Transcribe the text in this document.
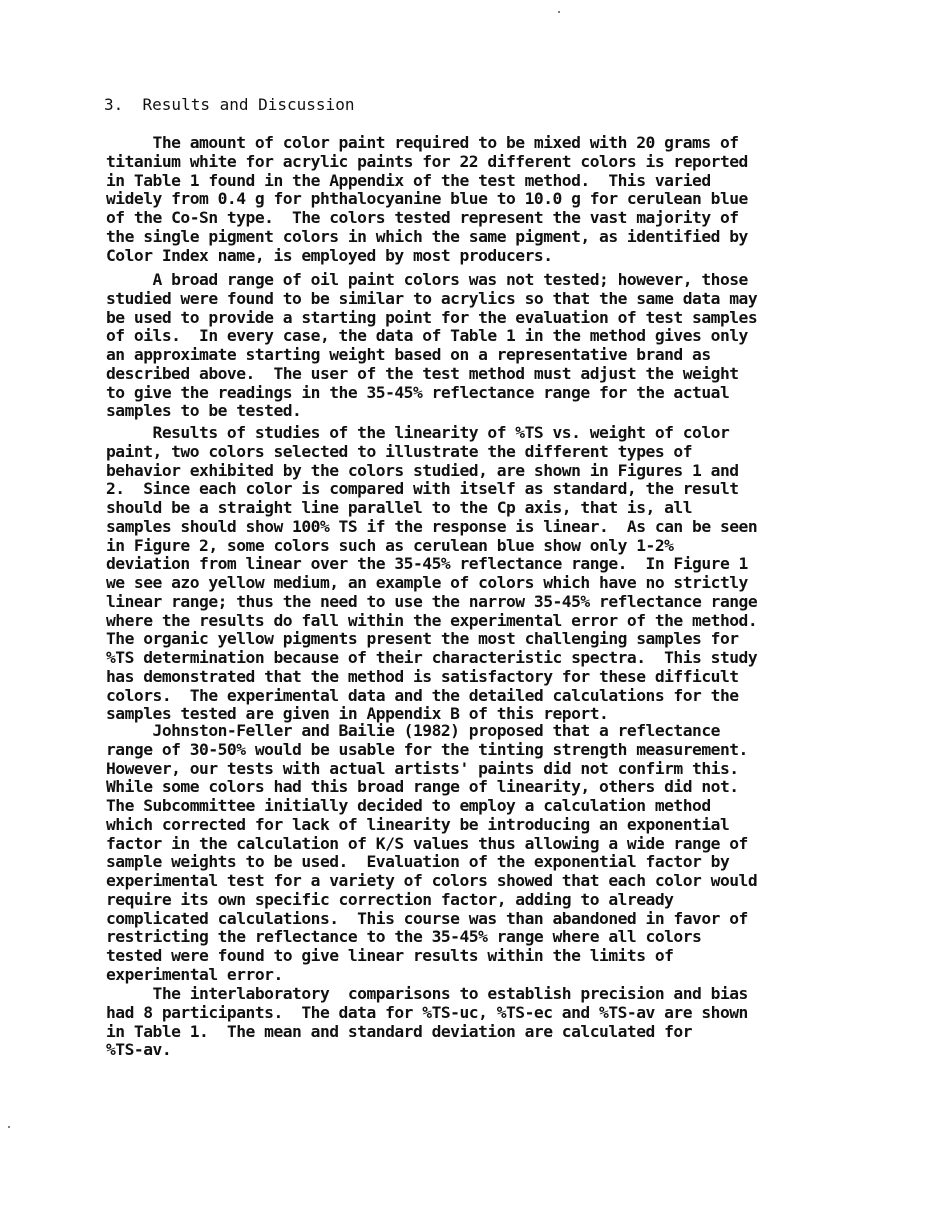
3. Results and Discussion
The amount of color paint required to be mixed with 20 grams of
titanium white for acrylic paints for 22 different colors is reported
in Table 1 found in the Appendix of the test method.  This varied
widely from 0.4 g for phthalocyanine blue to 10.0 g for cerulean blue
of the Co-Sn type.  The colors tested represent the vast majority of
the single pigment colors in which the same pigment, as identified by
Color Index name, is employed by most producers.
A broad range of oil paint colors was not tested; however, those
studied were found to be similar to acrylics so that the same data may
be used to provide a starting point for the evaluation of test samples
of oils.  In every case, the data of Table 1 in the method gives only
an approximate starting weight based on a representative brand as
described above.  The user of the test method must adjust the weight
to give the readings in the 35-45% reflectance range for the actual
samples to be tested.
Results of studies of the linearity of %TS vs. weight of color
paint, two colors selected to illustrate the different types of
behavior exhibited by the colors studied, are shown in Figures 1 and
2.  Since each color is compared with itself as standard, the result
should be a straight line parallel to the Cp axis, that is, all
samples should show 100% TS if the response is linear.  As can be seen
in Figure 2, some colors such as cerulean blue show only 1-2%
deviation from linear over the 35-45% reflectance range.  In Figure 1
we see azo yellow medium, an example of colors which have no strictly
linear range; thus the need to use the narrow 35-45% reflectance range
where the results do fall within the experimental error of the method.
The organic yellow pigments present the most challenging samples for
%TS determination because of their characteristic spectra.  This study
has demonstrated that the method is satisfactory for these difficult
colors.  The experimental data and the detailed calculations for the
samples tested are given in Appendix B of this report.
Johnston-Feller and Bailie (1982) proposed that a reflectance
range of 30-50% would be usable for the tinting strength measurement.
However, our tests with actual artists' paints did not confirm this.
While some colors had this broad range of linearity, others did not.
The Subcommittee initially decided to employ a calculation method
which corrected for lack of linearity be introducing an exponential
factor in the calculation of K/S values thus allowing a wide range of
sample weights to be used.  Evaluation of the exponential factor by
experimental test for a variety of colors showed that each color would
require its own specific correction factor, adding to already
complicated calculations.  This course was than abandoned in favor of
restricting the reflectance to the 35-45% range where all colors
tested were found to give linear results within the limits of
experimental error.
The interlaboratory  comparisons to establish precision and bias
had 8 participants.  The data for %TS-uc, %TS-ec and %TS-av are shown
in Table 1.  The mean and standard deviation are calculated for
%TS-av.
